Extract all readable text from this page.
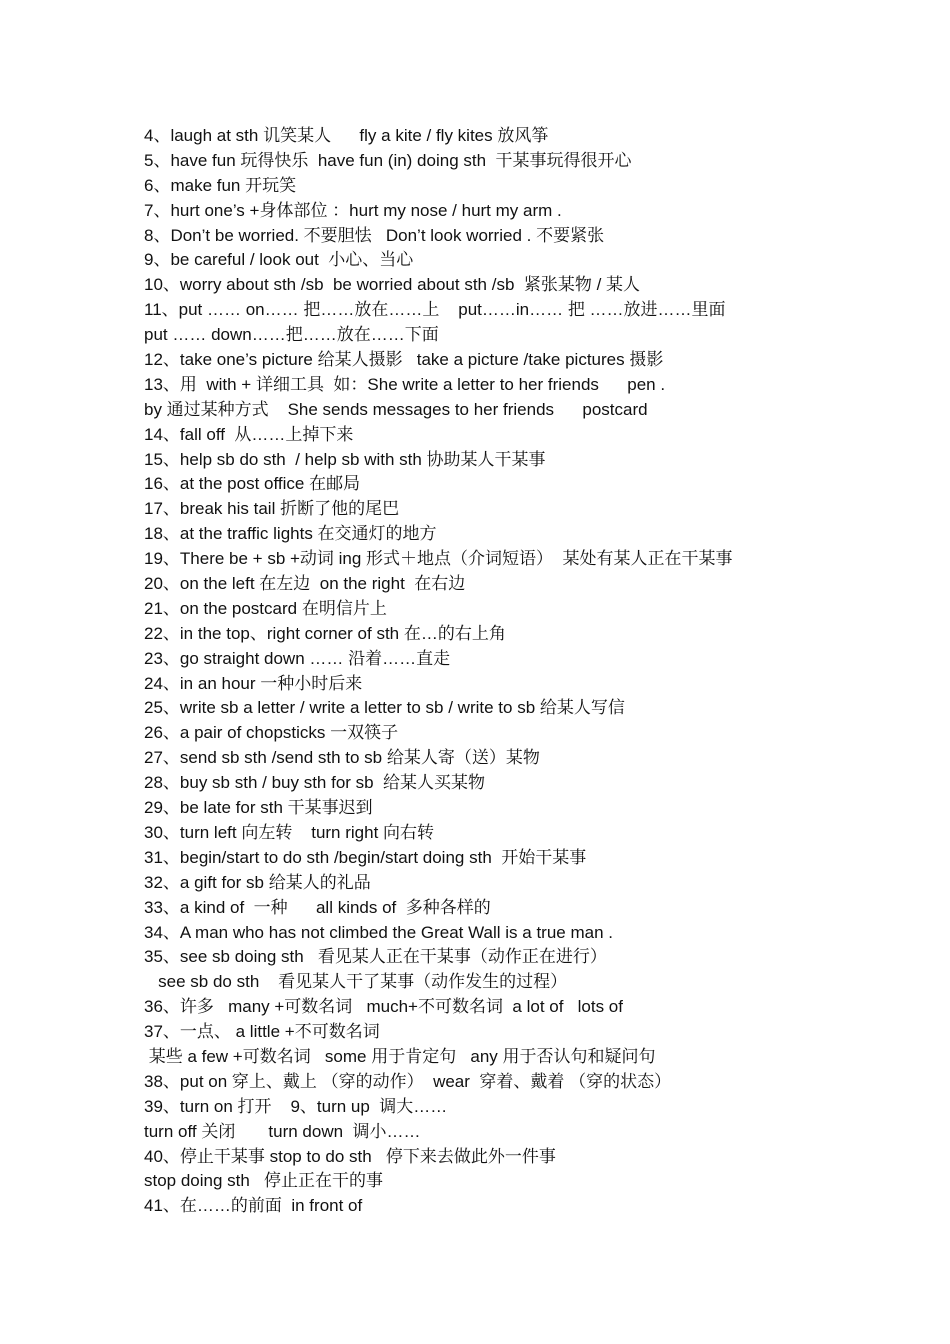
4、laugh at sth 讥笑某人      fly a kite / fly kites 放风筝
5、have fun 玩得快乐  have fun (in) doing sth  干某事玩得很开心
6、make fun 开玩笑
7、hurt one’s +身体部位 ：hurt my nose / hurt my arm .
8、Don’t be worried. 不要胆怯   Don’t look worried . 不要紧张
9、be careful / look out  小心、当心
10、worry about sth /sb  be worried about sth /sb  紧张某物 / 某人
11、put …… on…… 把……放在……上    put……in…… 把 ……放进……里面
put …… down……把……放在……下面
12、take one’s picture 给某人摄影   take a picture /take pictures 摄影
13、用  with + 详细工具  如：She write a letter to her friends      pen .
by 通过某种方式    She sends messages to her friends      postcard
14、fall off  从……上掉下来
15、help sb do sth  / help sb with sth 协助某人干某事
16、at the post office 在邮局
17、break his tail 折断了他的尾巴
18、at the traffic lights 在交通灯的地方
19、There be + sb +动词 ing 形式＋地点（介词短语）  某处有某人正在干某事
20、on the left 在左边  on the right  在右边
21、on the postcard 在明信片上
22、in the top、right corner of sth 在…的右上角
23、go straight down …… 沿着……直走
24、in an hour 一种小时后来
25、write sb a letter / write a letter to sb / write to sb 给某人写信
26、a pair of chopsticks 一双筷子
27、send sb sth /send sth to sb 给某人寄（送）某物
28、buy sb sth / buy sth for sb  给某人买某物
29、be late for sth 干某事迟到
30、turn left 向左转    turn right 向右转
31、begin/start to do sth /begin/start doing sth  开始干某事
32、a gift for sb 给某人的礼品
33、a kind of  一种      all kinds of  多种各样的
34、A man who has not climbed the Great Wall is a true man .
35、see sb doing sth   看见某人正在干某事（动作正在进行）
see sb do sth    看见某人干了某事（动作发生的过程）
36、许多   many +可数名词   much+不可数名词  a lot of   lots of
37、一点、 a little +不可数名词
某些 a few +可数名词   some 用于肯定句   any 用于否认句和疑问句
38、put on 穿上、戴上 （穿的动作）  wear  穿着、戴着 （穿的状态）
39、turn on 打开    9、turn up  调大……
turn off 关闭       turn down  调小……
40、停止干某事 stop to do sth   停下来去做此外一件事
stop doing sth   停止正在干的事
41、在……的前面  in front of
